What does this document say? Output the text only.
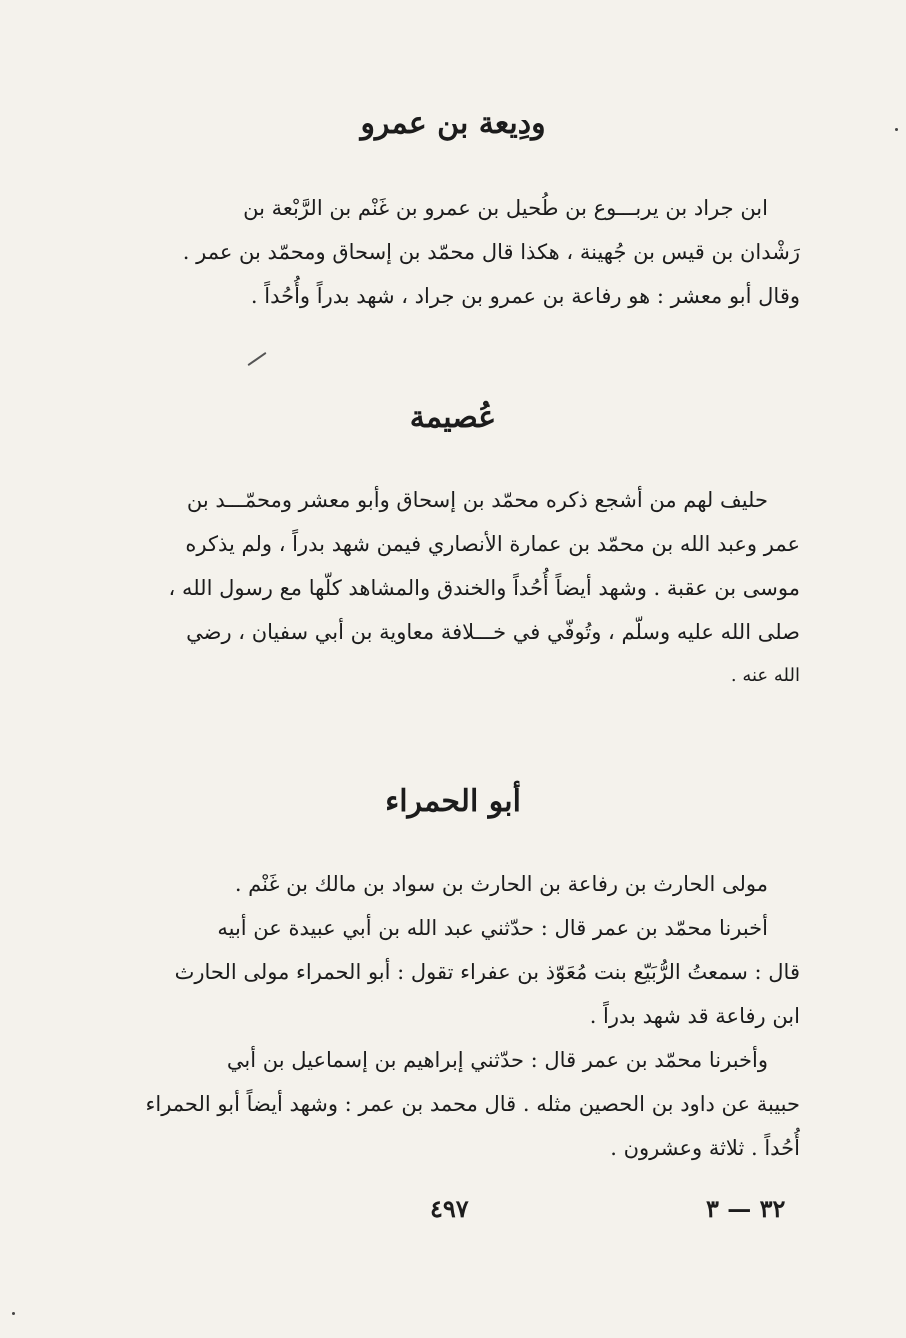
ودِيعة بن عمرو
ابن جراد بن يربـــوع بن طُحيل بن عمرو بن غَنْم بن الرَّبْعة بن
رَشْدان بن قيس بن جُهينة ، هكذا قال محمّد بن إسحاق ومحمّد بن عمر .
وقال أبو معشر : هو رفاعة بن عمرو بن جراد ، شهد بدراً وأُحُداً .
عُصيمة
حليف لهم من أشجع ذكره محمّد بن إسحاق وأبو معشر ومحمّـــد بن
عمر وعبد الله بن محمّد بن عمارة الأنصاري فيمن شهد بدراً ، ولم يذكره
موسى بن عقبة . وشهد أيضاً أُحُداً والخندق والمشاهد كلّها مع رسول الله ،
صلى الله عليه وسلّم ، وتُوفّي في خـــلافة معاوية بن أبي سفيان ، رضي
الله عنه .
أبو الحمراء
مولى الحارث بن رفاعة بن الحارث بن سواد بن مالك بن غَنْم .
أخبرنا محمّد بن عمر قال : حدّثني عبد الله بن أبي عبيدة عن أبيه
قال : سمعتُ الرُّبَيّع بنت مُعَوّذ بن عفراء تقول : أبو الحمراء مولى الحارث
ابن رفاعة قد شهد بدراً .
وأخبرنا محمّد بن عمر قال : حدّثني إبراهيم بن إسماعيل بن أبي
حبيبة عن داود بن الحصين مثله . قال محمد بن عمر : وشهد أيضاً أبو الحمراء
أُحُداً . ثلاثة وعشرون .
٤٩٧	٣٢ — ٣
